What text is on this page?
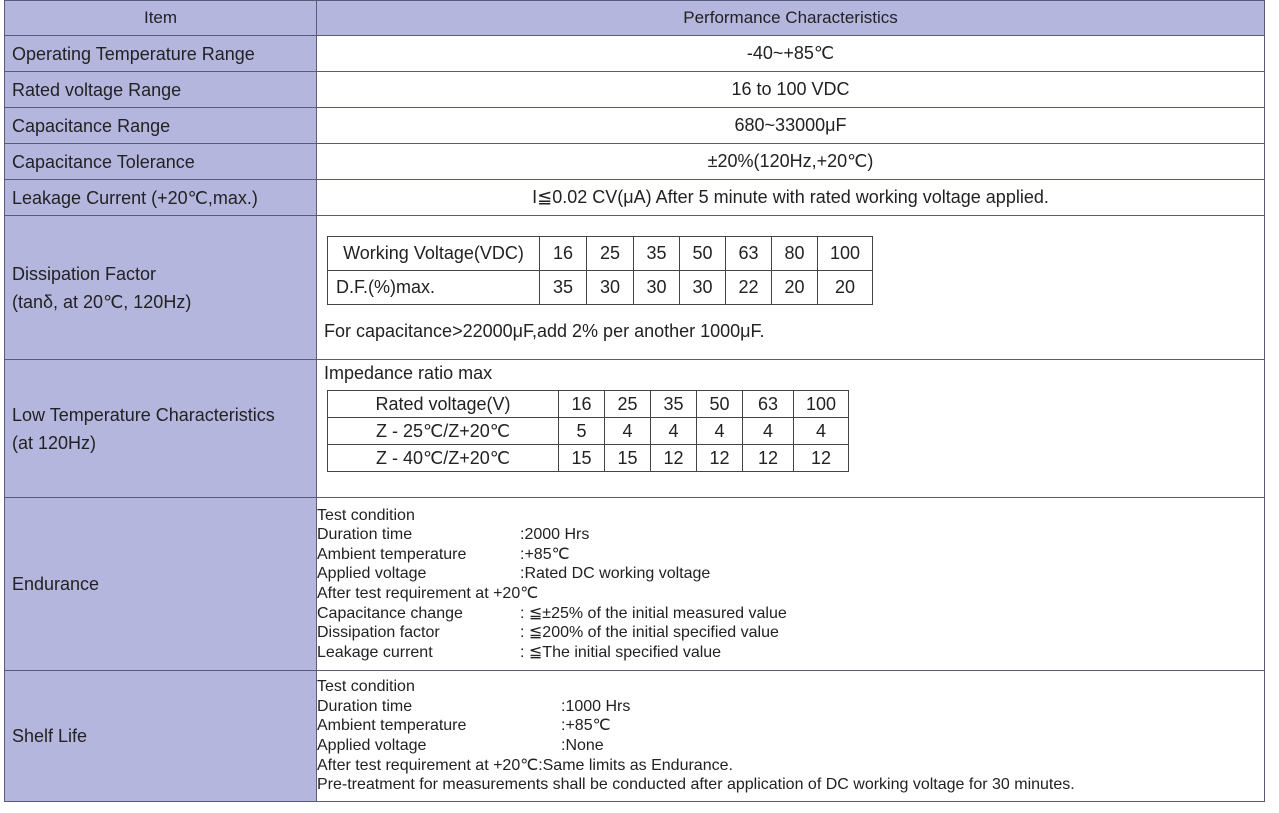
Item	Performance Characteristics
Operating Temperature Range	-40~+85℃
Rated voltage Range	16 to 100 VDC
Capacitance Range	680~33000μF
Capacitance Tolerance	±20%(120Hz,+20℃)
Leakage Current (+20℃,max.)	I≦0.02 CV(μA) After 5 minute with rated working voltage applied.

Dissipation Factor
(tanδ, at 20℃, 120Hz)

Working Voltage(VDC)	16	25	35	50	63	80	100
D.F.(%)max.	35	30	30	30	22	20	20
For capacitance>22000μF,add 2% per another 1000μF.

Low Temperature Characteristics
(at 120Hz)

Impedance ratio max
Rated voltage(V)	16	25	35	50	63	100
Z - 25℃/Z+20℃	5	4	4	4	4	4
Z - 40℃/Z+20℃	15	15	12	12	12	12

Endurance	
Test condition
Duration time	:2000 Hrs
Ambient temperature	:+85℃
Applied voltage	:Rated DC working voltage
After test requirement at +20℃
Capacitance change	: ≦±25% of the initial measured value
Dissipation factor	: ≦200% of the initial specified value
Leakage current	: ≦The initial specified value

Shelf Life	
Test condition
Duration time	:1000 Hrs
Ambient temperature	:+85℃
Applied voltage	:None
After test requirement at +20℃:Same limits as Endurance.
Pre-treatment for measurements shall be conducted after application of DC working voltage for 30 minutes.
